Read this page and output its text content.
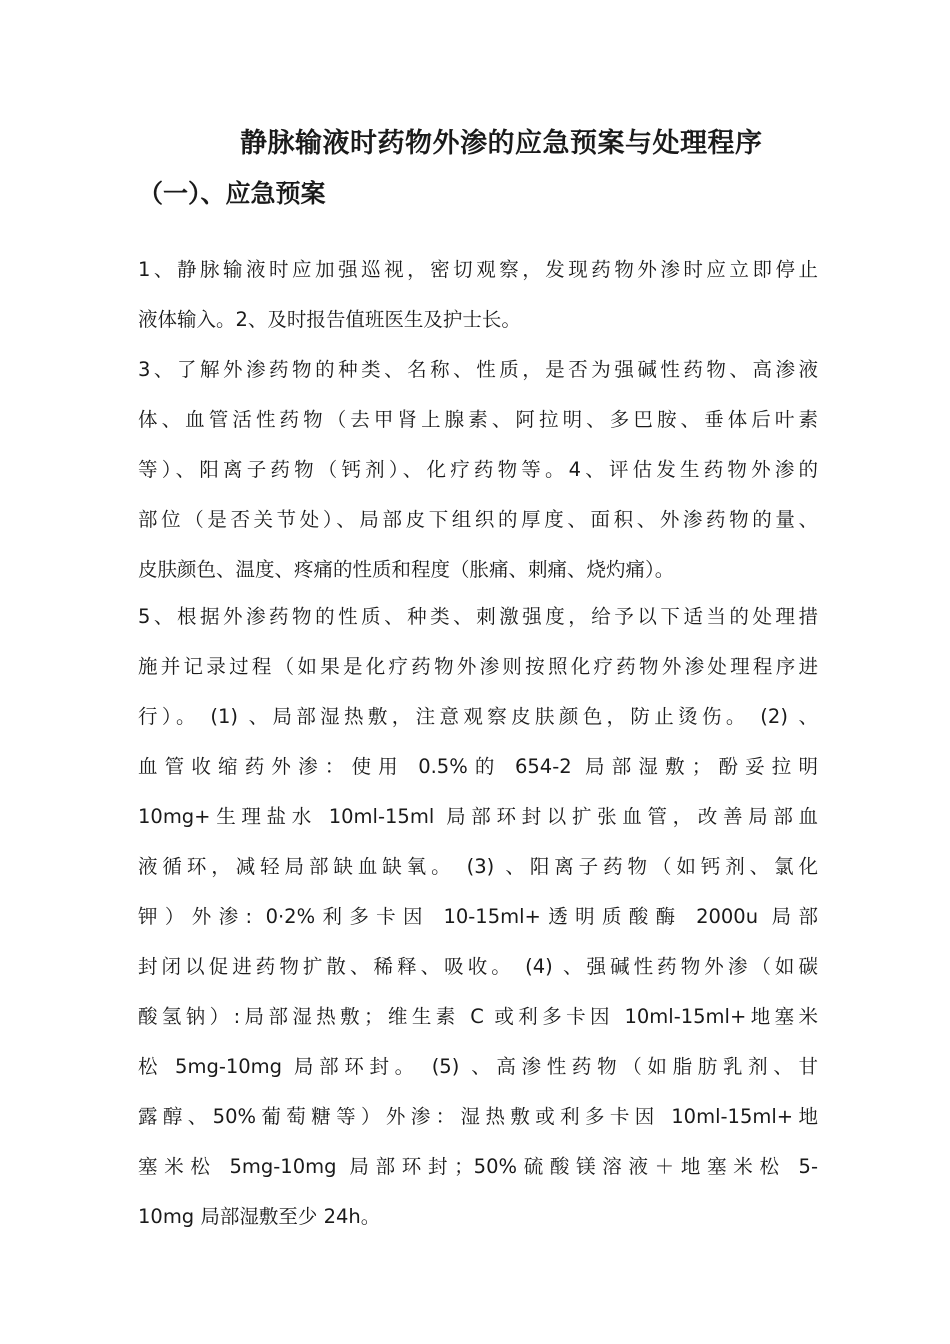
静脉输液时药物外渗的应急预案与处理程序
（一）、应急预案

1、静脉输液时应加强巡视，密切观察，发现药物外渗时应立即停止
液体输入。2、及时报告值班医生及护士长。

3、了解外渗药物的种类、名称、性质，是否为强碱性药物、高渗液
体、血管活性药物（去甲肾上腺素、阿拉明、多巴胺、垂体后叶素
等）、阳离子药物（钙剂）、化疗药物等。4、评估发生药物外渗的
部位（是否关节处）、局部皮下组织的厚度、面积、外渗药物的量、
皮肤颜色、温度、疼痛的性质和程度（胀痛、刺痛、烧灼痛）。

5、根据外渗药物的性质、种类、刺激强度，给予以下适当的处理措
施并记录过程（如果是化疗药物外渗则按照化疗药物外渗处理程序进
行）。 (1) 、局部湿热敷，注意观察皮肤颜色，防止烫伤。 (2) 、
血管收缩药外渗：使用 0.5%的 654-2 局部湿敷；酚妥拉明
10mg+生理盐水 10ml-15ml 局部环封以扩张血管，改善局部血
液循环，减轻局部缺血缺氧。 (3) 、阳离子药物（如钙剂、氯化
钾）外渗: 0·2%利多卡因 10-15ml+透明质酸酶 2000u 局部
封闭以促进药物扩散、稀释、吸收。 (4) 、强碱性药物外渗（如碳
酸氢钠）:局部湿热敷；维生素 C 或利多卡因 10ml-15ml+地塞米
松 5mg-10mg 局部环封。 (5) 、高渗性药物（如脂肪乳剂、甘
露醇、50%葡萄糖等）外渗：湿热敷或利多卡因 10ml-15ml+地
塞米松 5mg-10mg 局部环封；50%硫酸镁溶液＋地塞米松 5-
10mg 局部湿敷至少 24h。
